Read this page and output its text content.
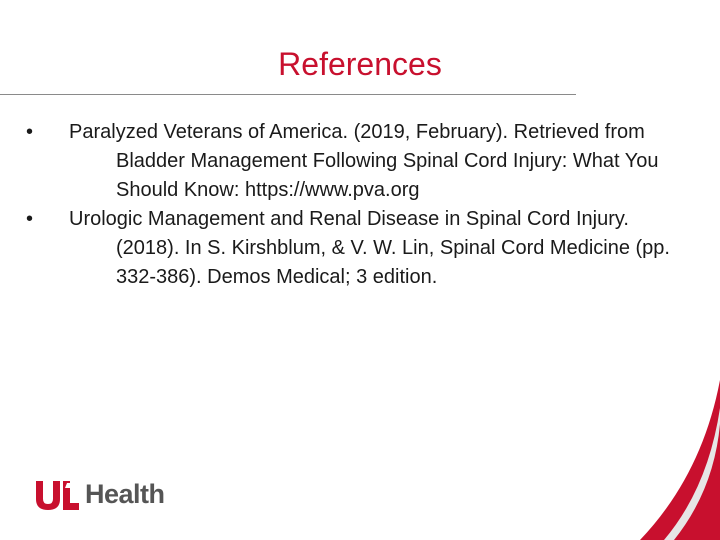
References
• Paralyzed Veterans of America. (2019, February). Retrieved from Bladder Management Following Spinal Cord Injury: What You Should Know: https://www.pva.org
• Urologic Management and Renal Disease in Spinal Cord Injury. (2018). In S. Kirshblum, & V. W. Lin, Spinal Cord Medicine (pp. 332-386). Demos Medical; 3 edition.
Health
